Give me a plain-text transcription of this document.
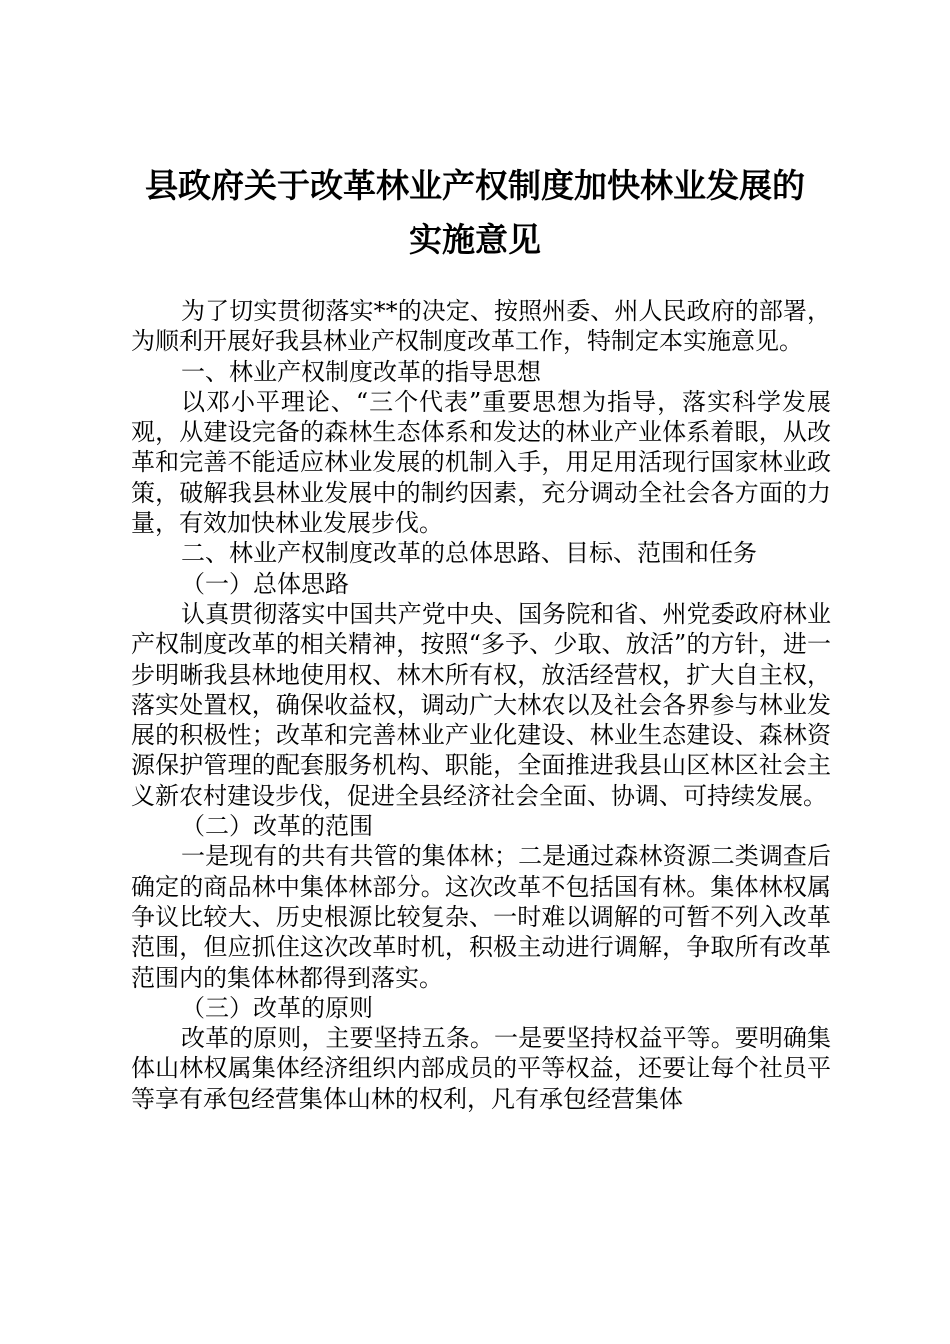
县政府关于改革林业产权制度加快林业发展的
实施意见

为了切实贯彻落实**的决定、按照州委、州人民政府的部署，为顺利开展好我县林业产权制度改革工作，特制定本实施意见。

一、林业产权制度改革的指导思想

以邓小平理论、“三个代表”重要思想为指导，落实科学发展观，从建设完备的森林生态体系和发达的林业产业体系着眼，从改革和完善不能适应林业发展的机制入手，用足用活现行国家林业政策，破解我县林业发展中的制约因素，充分调动全社会各方面的力量，有效加快林业发展步伐。

二、林业产权制度改革的总体思路、目标、范围和任务

（一）总体思路

认真贯彻落实中国共产党中央、国务院和省、州党委政府林业产权制度改革的相关精神，按照“多予、少取、放活”的方针，进一步明晰我县林地使用权、林木所有权，放活经营权，扩大自主权，落实处置权，确保收益权，调动广大林农以及社会各界参与林业发展的积极性；改革和完善林业产业化建设、林业生态建设、森林资源保护管理的配套服务机构、职能，全面推进我县山区林区社会主义新农村建设步伐，促进全县经济社会全面、协调、可持续发展。

（二）改革的范围

一是现有的共有共管的集体林；二是通过森林资源二类调查后确定的商品林中集体林部分。这次改革不包括国有林。集体林权属争议比较大、历史根源比较复杂、一时难以调解的可暂不列入改革范围，但应抓住这次改革时机，积极主动进行调解，争取所有改革范围内的集体林都得到落实。

（三）改革的原则

改革的原则，主要坚持五条。一是要坚持权益平等。要明确集体山林权属集体经济组织内部成员的平等权益，还要让每个社员平等享有承包经营集体山林的权利，凡有承包经营集体
